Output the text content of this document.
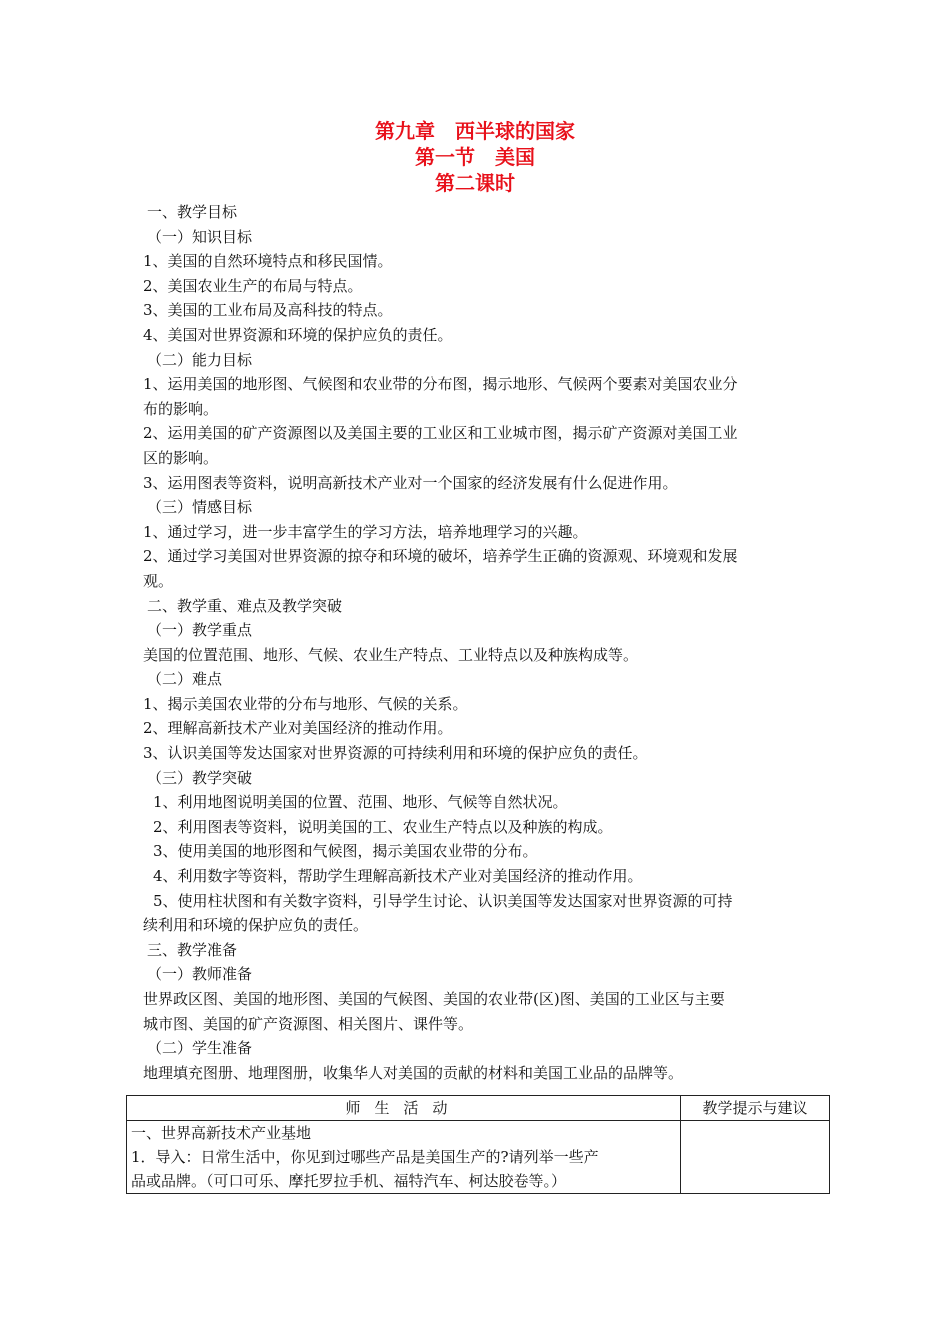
第九章　西半球的国家
第一节　美国
第二课时
一、教学目标
（一）知识目标
1、美国的自然环境特点和移民国情。
2、美国农业生产的布局与特点。
3、美国的工业布局及高科技的特点。
4、美国对世界资源和环境的保护应负的责任。
（二）能力目标
1、运用美国的地形图、气候图和农业带的分布图，揭示地形、气候两个要素对美国农业分
布的影响。
2、运用美国的矿产资源图以及美国主要的工业区和工业城市图，揭示矿产资源对美国工业
区的影响。
3、运用图表等资料，说明高新技术产业对一个国家的经济发展有什么促进作用。
（三）情感目标
1、通过学习，进一步丰富学生的学习方法，培养地理学习的兴趣。
2、通过学习美国对世界资源的掠夺和环境的破坏，培养学生正确的资源观、环境观和发展
观。
二、教学重、难点及教学突破
（一）教学重点
美国的位置范围、地形、气候、农业生产特点、工业特点以及种族构成等。
（二）难点
1、揭示美国农业带的分布与地形、气候的关系。
2、理解高新技术产业对美国经济的推动作用。
3、认识美国等发达国家对世界资源的可持续利用和环境的保护应负的责任。
（三）教学突破
1、利用地图说明美国的位置、范围、地形、气候等自然状况。
2、利用图表等资料，说明美国的工、农业生产特点以及种族的构成。
3、使用美国的地形图和气候图，揭示美国农业带的分布。
4、利用数字等资料，帮助学生理解高新技术产业对美国经济的推动作用。
5、使用柱状图和有关数字资料，引导学生讨论、认识美国等发达国家对世界资源的可持
续利用和环境的保护应负的责任。
三、教学准备
（一）教师准备
世界政区图、美国的地形图、美国的气候图、美国的农业带(区)图、美国的工业区与主要
城市图、美国的矿产资源图、相关图片、课件等。
（二）学生准备
地理填充图册、地理图册，收集华人对美国的贡献的材料和美国工业品的品牌等。
师生活动	教学提示与建议

一、世界高新技术产业基地
1．导入：日常生活中，你见到过哪些产品是美国生产的?请列举一些产
品或品牌。（可口可乐、摩托罗拉手机、福特汽车、柯达胶卷等。）	
